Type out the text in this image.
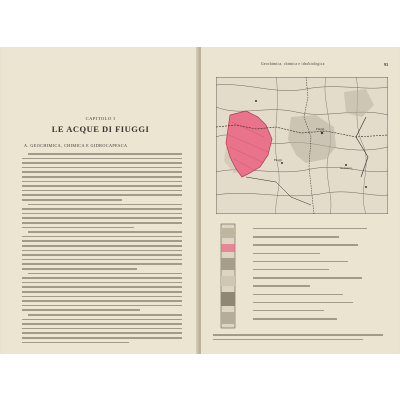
CAPITOLO I
LE ACQUE DI FIUGGI
A. GEOCHIMICA, CHIMICA E GIDROCAPESCA
Geochimica, chimica e idrobiologica	93
Fiuggi
Fiuggi
Arcinazzo
